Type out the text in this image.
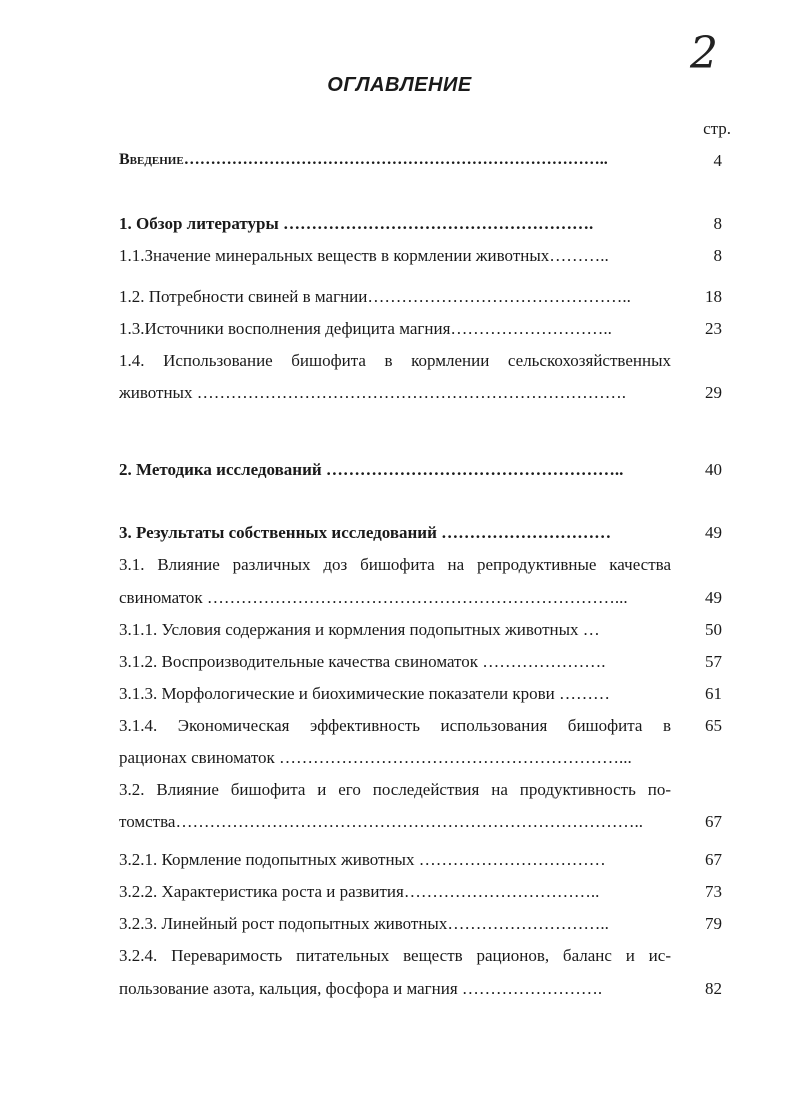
2
ОГЛАВЛЕНИЕ
стр.
Введение……………………………………………………………………..	4
1. Обзор литературы ……………………………………………….	8
1.1.Значение минеральных веществ в кормлении животных………..	8
1.2. Потребности свиней в магнии………………………………………..	18
1.3.Источники восполнения дефицита магния………………………..	23
1.4. Использование бишофита в кормлении сельскохозяйственных
животных ………………………………………………………………….	29
2. Методика исследований ……………………………………………..	40
3. Результаты собственных исследований …………………………	49
3.1. Влияние различных доз бишофита на репродуктивные качества
свиноматок ………………………………………………………………...	49
3.1.1. Условия содержания и кормления подопытных животных …	50
3.1.2. Воспроизводительные качества свиноматок ………………….	57
3.1.3. Морфологические и биохимические показатели крови ………	61
3.1.4. Экономическая эффективность использования бишофита в	65
рационах свиноматок ……………………………………………………...
3.2. Влияние бишофита и его последействия на продуктивность по-
томства………………………………………………………………………..	67
3.2.1. Кормление подопытных животных ……………………………	67
3.2.2. Характеристика роста и развития……………………………..	73
3.2.3. Линейный рост подопытных животных………………………..	79
3.2.4. Переваримость питательных веществ рационов, баланс и ис-
пользование азота, кальция, фосфора и магния …………………….	82
